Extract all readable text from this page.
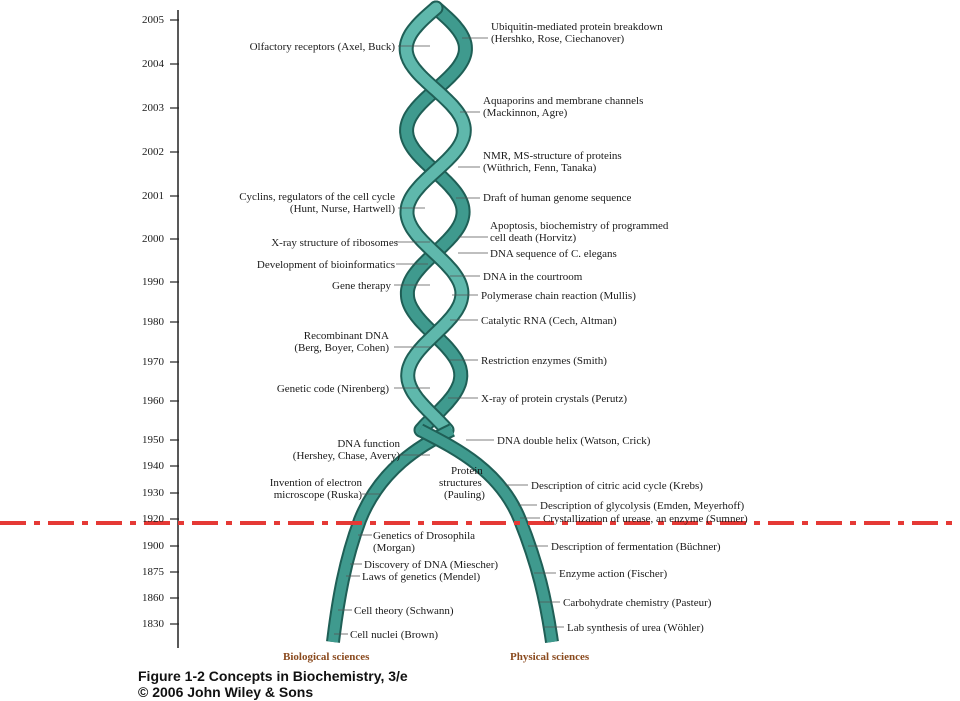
2005
2004
2003
2002
2001
2000
1990
1980
1970
1960
1950
1940
1930
1920
1900
1875
1860
1830
Olfactory receptors (Axel, Buck)
Cyclins, regulators of the cell cycle
(Hunt, Nurse, Hartwell)
X-ray structure of ribosomes
Development of bioinformatics
Gene therapy
Recombinant DNA
(Berg, Boyer, Cohen)
Genetic code (Nirenberg)
DNA function
(Hershey, Chase, Avery)
Invention of electron
microscope (Ruska)
Genetics of Drosophila
(Morgan)
Discovery of DNA (Miescher)
Laws of genetics (Mendel)
Cell theory (Schwann)
Cell nuclei (Brown)
Ubiquitin-mediated protein breakdown
(Hershko, Rose, Ciechanover)
Aquaporins and membrane channels
(Mackinnon, Agre)
NMR, MS-structure of proteins
(Wüthrich, Fenn, Tanaka)
Draft of human genome sequence
Apoptosis, biochemistry of programmed
cell death (Horvitz)
DNA sequence of C. elegans
DNA in the courtroom
Polymerase chain reaction (Mullis)
Catalytic RNA (Cech, Altman)
Restriction enzymes (Smith)
X-ray of protein crystals (Perutz)
DNA double helix (Watson, Crick)
Protein
structures
(Pauling)
Description of citric acid cycle (Krebs)
Description of glycolysis (Emden, Meyerhoff)
Crystallization of urease, an enzyme (Sumner)
Description of fermentation (Büchner)
Enzyme action (Fischer)
Carbohydrate chemistry (Pasteur)
Lab synthesis of urea (Wöhler)
Biological sciences	Physical sciences
Figure 1-2 Concepts in Biochemistry, 3/e
© 2006 John Wiley & Sons
